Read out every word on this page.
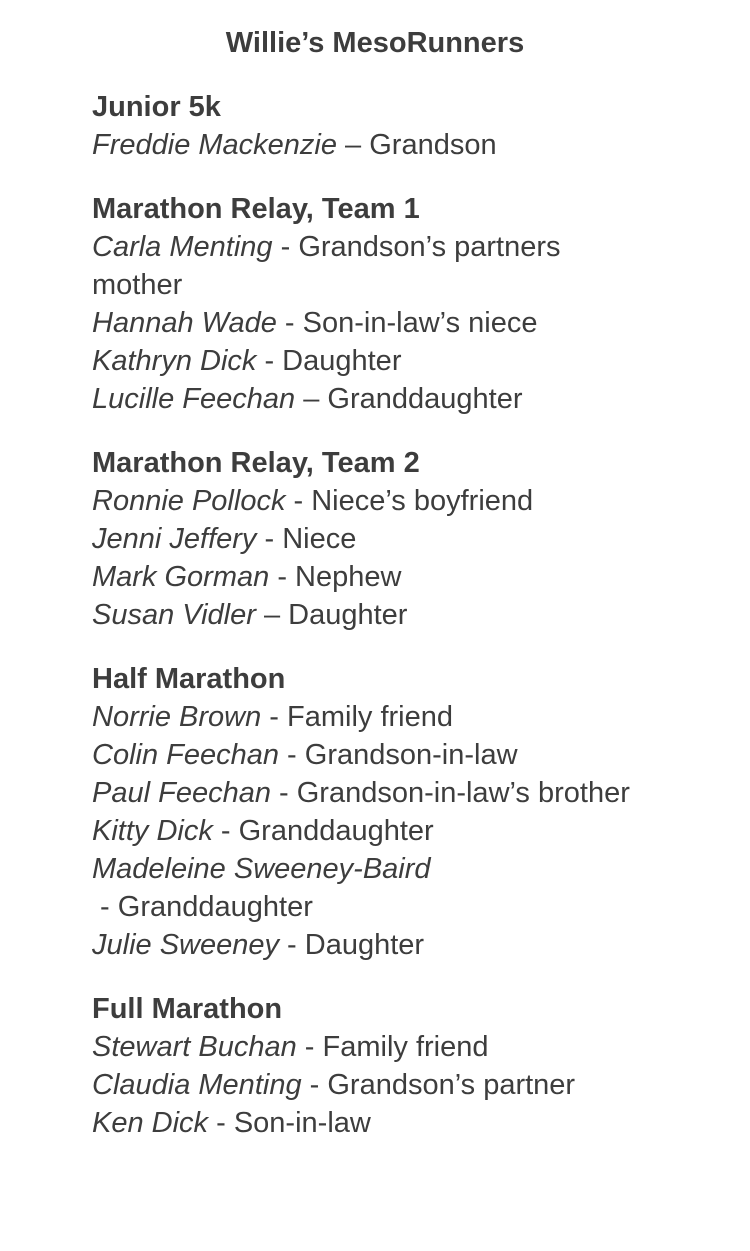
Willie’s MesoRunners
Junior 5k
Freddie Mackenzie – Grandson
Marathon Relay, Team 1
Carla Menting - Grandson’s partners mother
Hannah Wade - Son-in-law’s niece
Kathryn Dick - Daughter
Lucille Feechan – Granddaughter
Marathon Relay, Team 2
Ronnie Pollock - Niece’s boyfriend
Jenni Jeffery - Niece
Mark Gorman - Nephew
Susan Vidler – Daughter
Half Marathon
Norrie Brown - Family friend
Colin Feechan - Grandson-in-law
Paul Feechan - Grandson-in-law’s brother
Kitty Dick - Granddaughter
Madeleine Sweeney-Baird - Granddaughter
Julie Sweeney - Daughter
Full Marathon
Stewart Buchan - Family friend
Claudia Menting - Grandson’s partner
Ken Dick - Son-in-law
